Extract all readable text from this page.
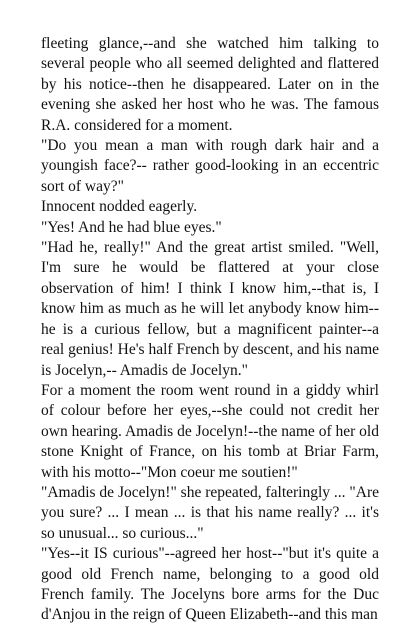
fleeting glance,--and she watched him talking to several people who all seemed delighted and flattered by his notice--then he disappeared. Later on in the evening she asked her host who he was. The famous R.A. considered for a moment.

"Do you mean a man with rough dark hair and a youngish face?-- rather good-looking in an eccentric sort of way?"

Innocent nodded eagerly.

"Yes! And he had blue eyes."

"Had he, really!" And the great artist smiled. "Well, I'm sure he would be flattered at your close observation of him! I think I know him,--that is, I know him as much as he will let anybody know him--he is a curious fellow, but a magnificent painter--a real genius! He's half French by descent, and his name is Jocelyn,-- Amadis de Jocelyn."

For a moment the room went round in a giddy whirl of colour before her eyes,--she could not credit her own hearing. Amadis de Jocelyn!--the name of her old stone Knight of France, on his tomb at Briar Farm, with his motto--"Mon coeur me soutien!"

"Amadis de Jocelyn!" she repeated, falteringly ... "Are you sure? ... I mean ... is that his name really? ... it's so unusual... so curious..."

"Yes--it IS curious"--agreed her host--"but it's quite a good old French name, belonging to a good old French family. The Jocelyns bore arms for the Duc d'Anjou in the reign of Queen Elizabeth--and this man
